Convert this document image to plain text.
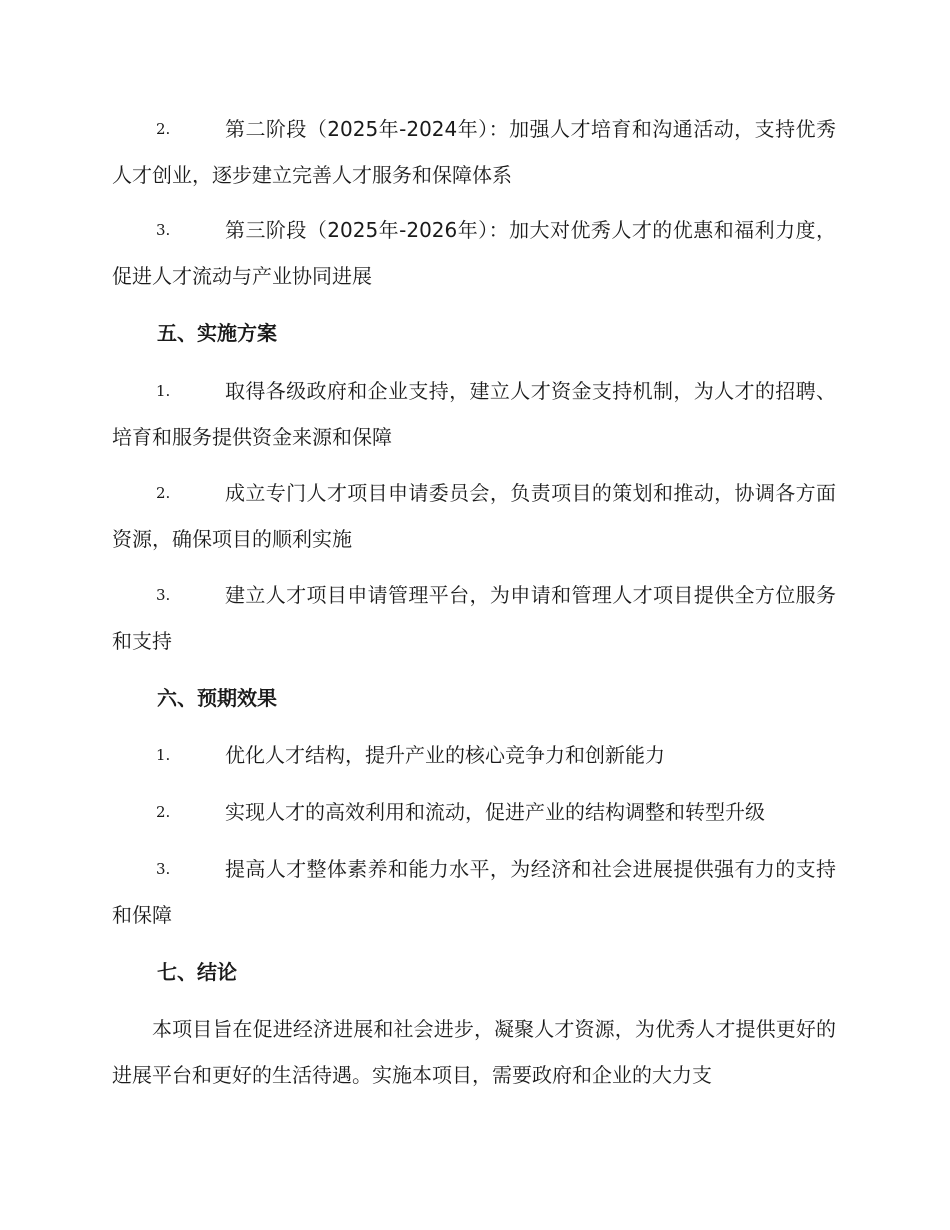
2.	第二阶段（2025年-2024年）：加强人才培育和沟通活动，支持优秀人才创业，逐步建立完善人才服务和保障体系
3.	第三阶段（2025年-2026年）：加大对优秀人才的优惠和福利力度，促进人才流动与产业协同进展
五、实施方案
1.	取得各级政府和企业支持，建立人才资金支持机制，为人才的招聘、培育和服务提供资金来源和保障
2.	成立专门人才项目申请委员会，负责项目的策划和推动，协调各方面资源，确保项目的顺利实施
3.	建立人才项目申请管理平台，为申请和管理人才项目提供全方位服务和支持
六、预期效果
1.	优化人才结构，提升产业的核心竞争力和创新能力
2.	实现人才的高效利用和流动，促进产业的结构调整和转型升级
3.	提高人才整体素养和能力水平，为经济和社会进展提供强有力的支持和保障
七、结论
本项目旨在促进经济进展和社会进步，凝聚人才资源，为优秀人才提供更好的进展平台和更好的生活待遇。实施本项目，需要政府和企业的大力支
